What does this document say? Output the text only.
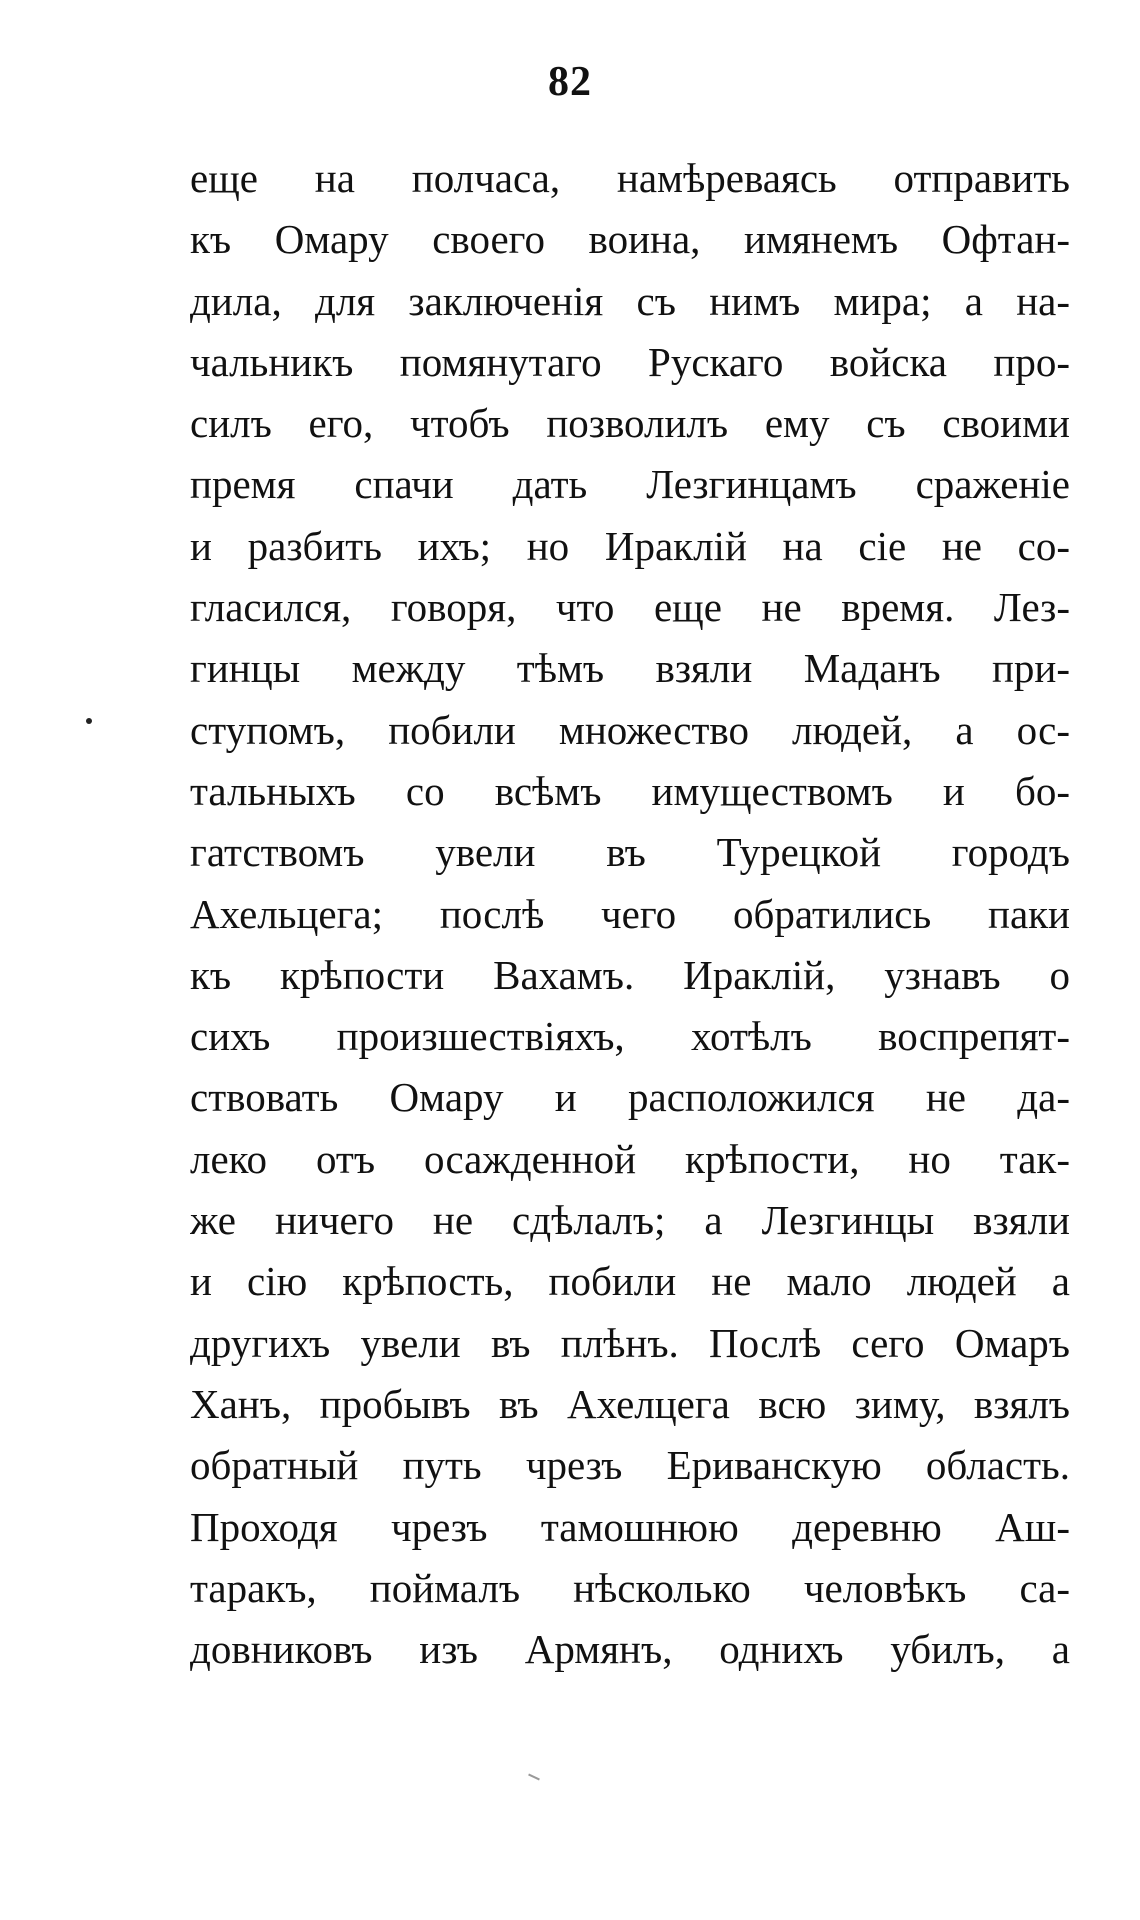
82
еще на полчаса, намѣреваясь отправить
къ Омару своего воина, имянемъ Офтан-
дила, для заключенія съ нимъ мира; а на-
чальникъ помянутаго Рускаго войска про-
силъ его, чтобъ позволилъ ему съ своими
премя спачи дать Лезгинцамъ сраженіе
и разбить ихъ; но Ираклій на сіе не со-
гласился, говоря, что еще не время. Лез-
гинцы между тѣмъ взяли Маданъ при-
ступомъ, побили множество людей, а ос-
тальныхъ со всѣмъ имуществомъ и бо-
гатствомъ увели въ Турецкой городъ
Ахельцега; послѣ чего обратились паки
къ крѣпости Вахамъ. Ираклій, узнавъ о
сихъ произшествіяхъ, хотѣлъ воспрепят-
ствовать Омару и расположился не да-
леко отъ осажденной крѣпости, но так-
же ничего не сдѣлалъ; а Лезгинцы взяли
и сію крѣпость, побили не мало людей а
другихъ увели въ плѣнъ. Послѣ сего Омаръ
Ханъ, пробывъ въ Ахелцега всю зиму, взялъ
обратный путь чрезъ Ериванскую область.
Проходя чрезъ тамошнюю деревню Аш-
таракъ, поймалъ нѣсколько человѣкъ са-
довниковъ изъ Армянъ, однихъ убилъ, а
